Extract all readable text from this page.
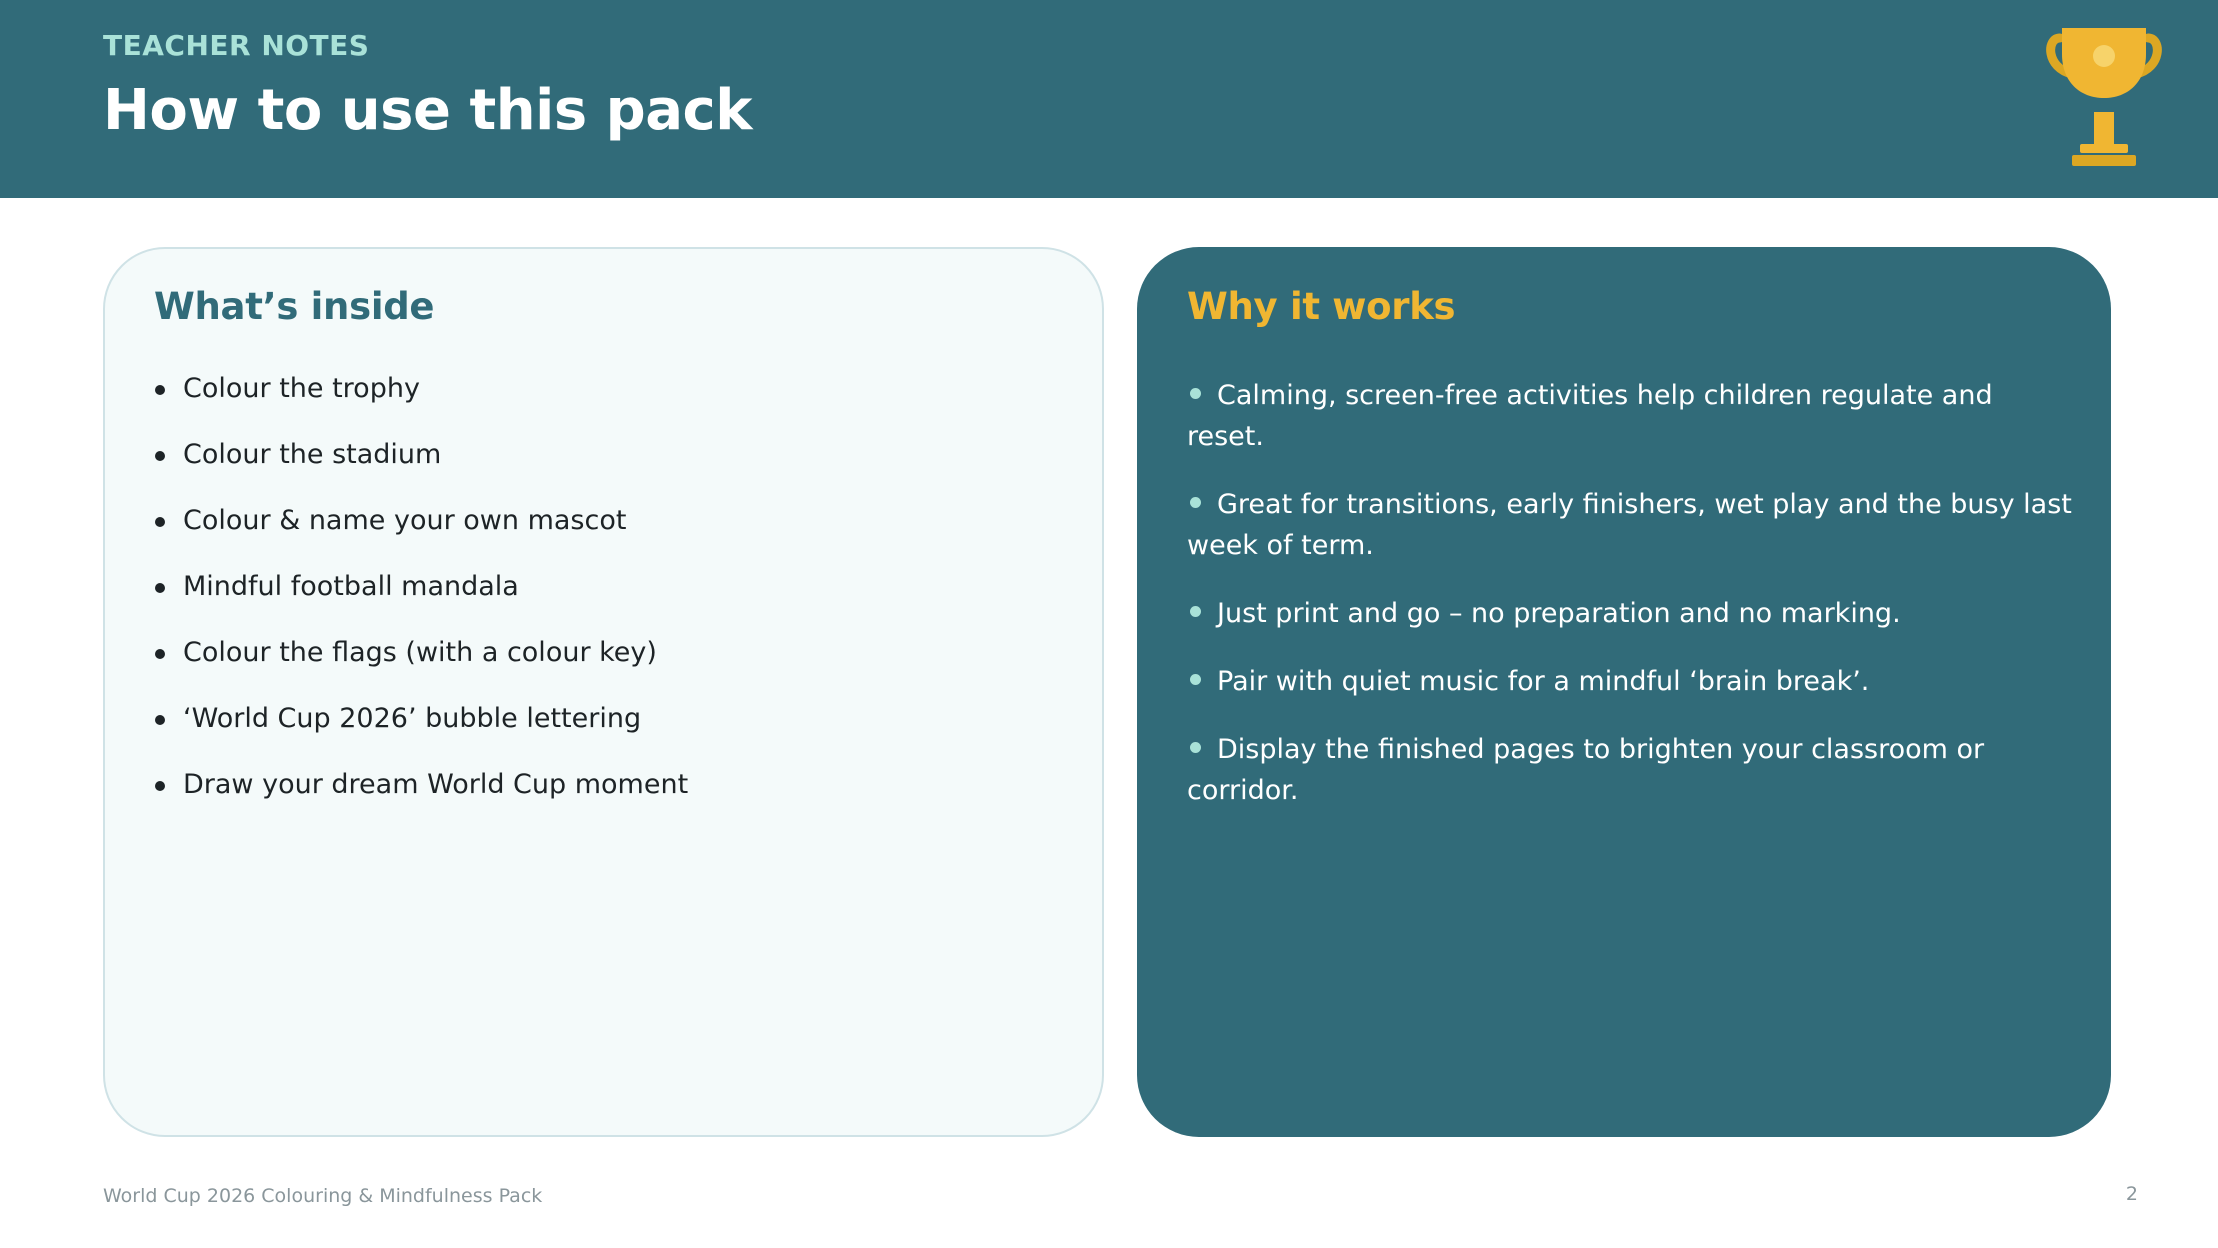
TEACHER NOTES
How to use this pack
What’s inside
Colour the trophy
Colour the stadium
Colour & name your own mascot
Mindful football mandala
Colour the flags (with a colour key)
‘World Cup 2026’ bubble lettering
Draw your dream World Cup moment
Why it works
Calming, screen-free activities help children regulate and reset.
Great for transitions, early finishers, wet play and the busy last week of term.
Just print and go – no preparation and no marking.
Pair with quiet music for a mindful ‘brain break’.
Display the finished pages to brighten your classroom or corridor.
World Cup 2026 Colouring & Mindfulness Pack	2
